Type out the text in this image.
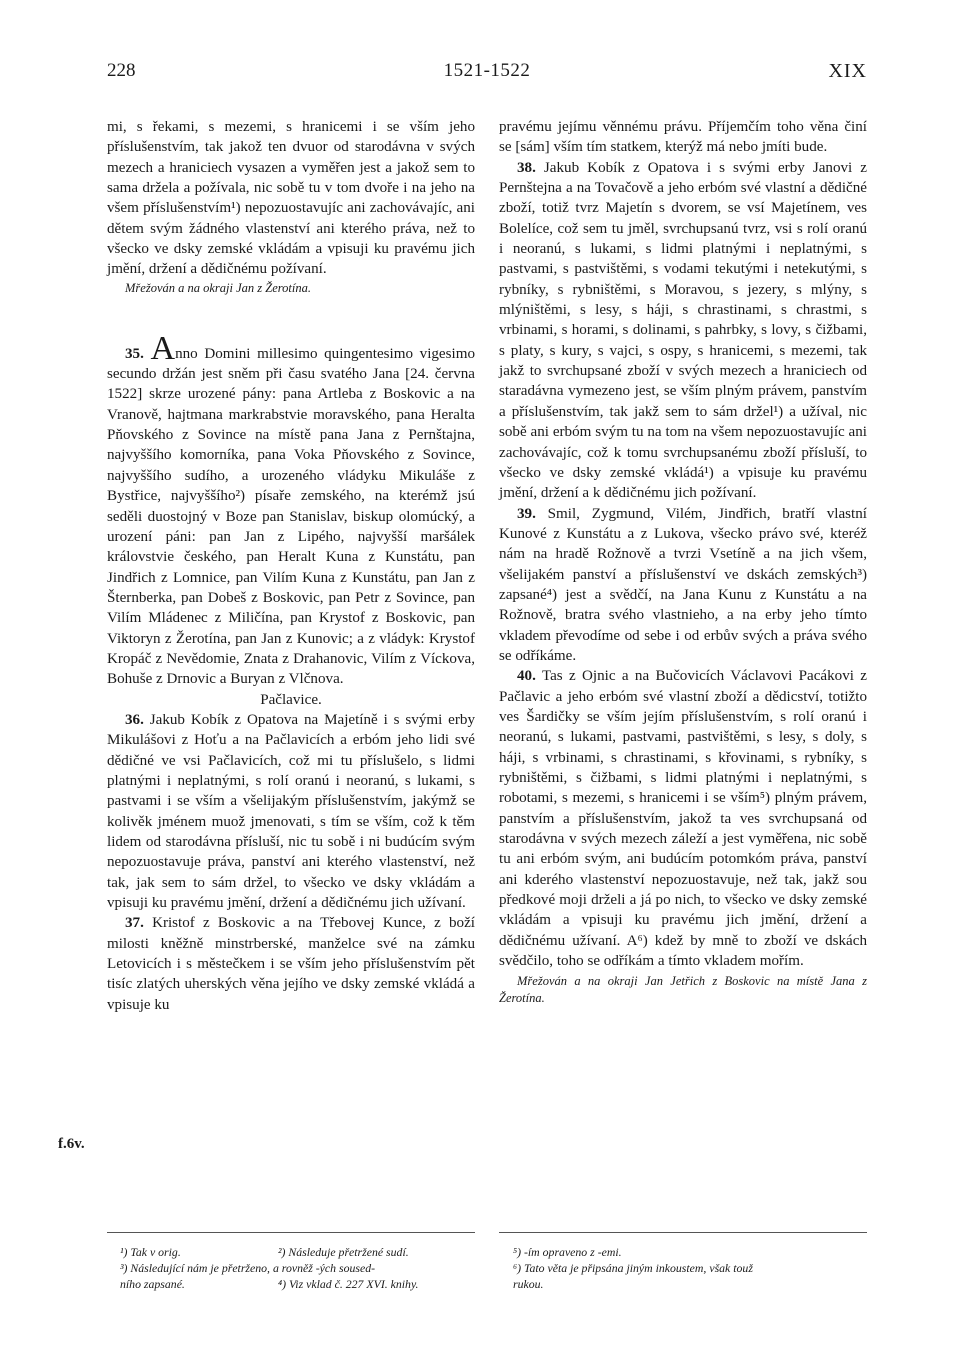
228	1521-1522	XIX

mi, s řekami, s mezemi, s hranicemi i se vším jeho příslušenstvím, tak jakož ten dvuor od starodávna v svých mezech a hraniciech vysazen a vyměřen jest a jakož sem to sama držela a požívala, nic sobě tu v tom dvoře i na jeho na všem příslušenstvím¹) nepozuostavujíc ani zachovávajíc, ani dětem svým žádného vlastenství ani kterého práva, než to všecko ve dsky zemské vkládám a vpisuji ku pravému jich jmění, držení a dědičnému požívaní.

Mřežován a na okraji Jan z Žerotína.

35. Anno Domini millesimo quingentesimo vigesimo secundo držán jest sněm při času svatého Jana [24. června 1522] skrze urozené pány: pana Artleba z Boskovic a na Vranově, hajtmana markrabstvie moravského, pana Heralta Pňovského z Sovince na místě pana Jana z Pernštajna, najvyššího komorníka, pana Voka Pňovského z Sovince, najvyššího sudího, a urozeného vládyku Mikuláše z Bystřice, najvyššího²) písaře zemského, na kterémž jsú seděli duostojný v Boze pan Stanislav, biskup olomúcký, a urození páni: pan Jan z Lipého, najvyšší maršálek královstvie českého, pan Heralt Kuna z Kunstátu, pan Jindřich z Lomnice, pan Vilím Kuna z Kunstátu, pan Jan z Šternberka, pan Dobeš z Boskovic, pan Petr z Sovince, pan Vilím Mládenec z Miličína, pan Krystof z Boskovic, pan Viktoryn z Žerotína, pan Jan z Kunovic; a z vládyk: Krystof Kropáč z Nevědomie, Znata z Drahanovic, Vilím z Víckova, Bohuše z Drnovic a Buryan z Vlčnova.

Pačlavice.

36. Jakub Kobík z Opatova na Majetíně i s svými erby Mikulášovi z Hoťu a na Pačlavicích a erbóm jeho lidi své dědičné ve vsi Pačlavicích, což mi tu příslušelo, s lidmi platnými i neplatnými, s rolí oranú i neoranú, s lukami, s pastvami i se vším a všelijakým příslušenstvím, jakýmž se kolivěk jménem muož jmenovati, s tím se vším, což k těm lidem od starodávna přísluší, nic tu sobě i ni budúcím svým nepozuostavuje práva, panství ani kterého vlastenství, než tak, jak sem to sám držel, to všecko ve dsky vkládám a vpisuji ku pravému jmění, držení a dědičnému jich užívaní.

37. Kristof z Boskovic a na Třebovej Kunce, z boží milosti kněžně minstrberské, manželce své na zámku Letovicích i s městečkem i se vším jeho příslušenstvím pět tisíc zlatých uherských věna jejího ve dsky zemské vkládá a vpisuje ku

f.6v.

pravému jejímu věnnému právu. Příjemčím toho věna činí se [sám] vším tím statkem, kterýž má nebo jmíti bude.

38. Jakub Kobík z Opatova i s svými erby Janovi z Pernštejna a na Tovačově a jeho erbóm své vlastní a dědičné zboží, totiž tvrz Majetín s dvorem, se vsí Majetínem, ves Bolelíce, což sem tu jměl, svrchupsanú tvrz, vsi s rolí oranú i neoranú, s lukami, s lidmi platnými i neplatnými, s pastvami, s pastvištěmi, s vodami tekutými i netekutými, s rybníky, s rybništěmi, s Moravou, s jezery, s mlýny, s mlýništěmi, s lesy, s háji, s chrastinami, s chrastmi, s vrbinami, s horami, s dolinami, s pahrbky, s lovy, s čižbami, s platy, s kury, s vajci, s ospy, s hranicemi, s mezemi, tak jakž to svrchupsané zboží v svých mezech a hraniciech od staradávna vymezeno jest, se vším plným právem, panstvím a příslušenstvím, tak jakž sem to sám držel¹) a užíval, nic sobě ani erbóm svým tu na tom na všem nepozuostavujíc ani zachovávajíc, což k tomu svrchupsanému zboží přísluší, to všecko ve dsky zemské vkládá¹) a vpisuje ku pravému jmění, držení a k dědičnému jich požívaní.

39. Smil, Zygmund, Vilém, Jindřich, bratří vlastní Kunové z Kunstátu a z Lukova, všecko právo své, kteréž nám na hradě Rožnově a tvrzi Vsetíně a na jich všem, všelijakém panství a příslušenství ve dskách zemských³) zapsané⁴) jest a svědčí, na Jana Kunu z Kunstátu a na Rožnově, bratra svého vlastnieho, a na erby jeho tímto vkladem převodíme od sebe i od erbův svých a práva svého se odříkáme.

40. Tas z Ojnic a na Bučovicích Václavovi Pacákovi z Pačlavic a jeho erbóm své vlastní zboží a dědicství, totižto ves Šardičky se vším jejím příslušenstvím, s rolí oranú i neoranú, s lukami, pastvami, pastvištěmi, s lesy, s doly, s háji, s vrbinami, s chrastinami, s křovinami, s rybníky, s rybništěmi, s čižbami, s lidmi platnými i neplatnými, s robotami, s mezemi, s hranicemi i se vším⁵) plným právem, panstvím a příslušenstvím, jakož ta ves svrchupsaná od starodávna v svých mezech záleží a jest vyměřena, nic sobě tu ani erbóm svým, ani budúcím potomkóm práva, panství ani kderého vlastenství nepozuostavuje, než tak, jakž sou předkové moji drželi a já po nich, to všecko ve dsky zemské vkládám a vpisuji ku pravému jich jmění, držení a dědičnému užívaní. A⁶) kdež by mně to zboží ve dskách svědčilo, toho se odříkám a tímto vkladem mořím.

Mřežován a na okraji Jan Jetřich z Boskovic na místě Jana z Žerotína.

¹) Tak v orig.	²) Následuje přetržené sudí.
³) Následující nám je přetrženo, a rovněž -ých soused-
ního zapsané.	⁴) Viz vklad č. 227 XVI. knihy.
⁵) -ím opraveno z -emi.
⁶) Tato věta je připsána jiným inkoustem, však touž
rukou.
